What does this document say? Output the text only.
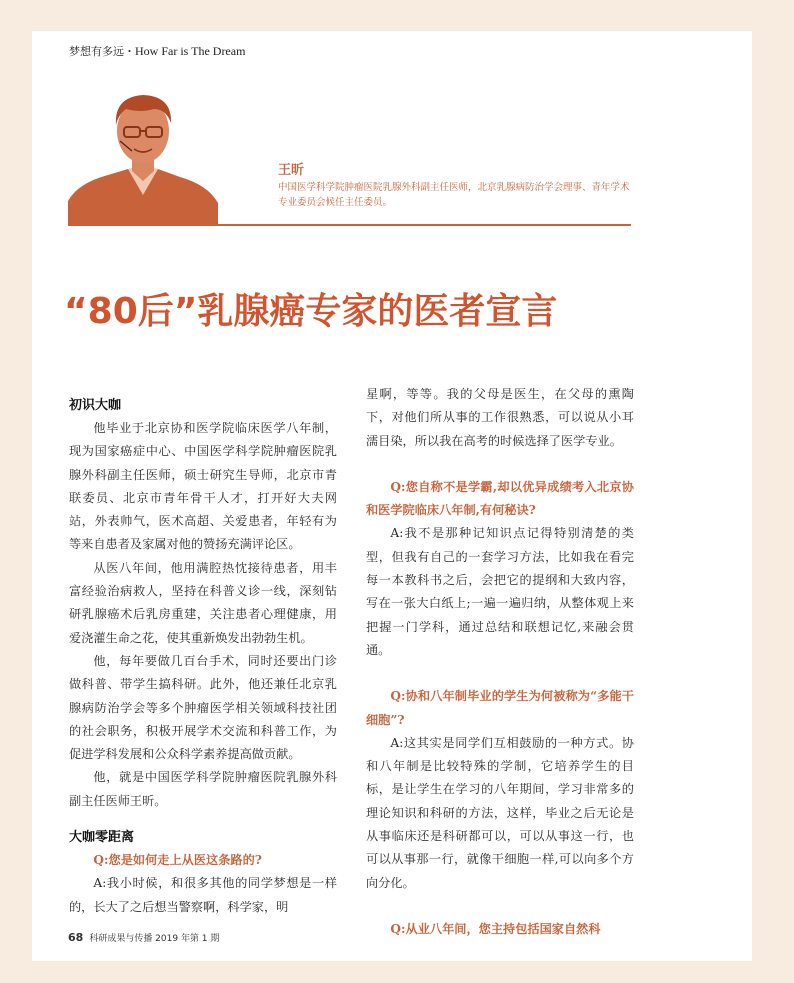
梦想有多远・How Far is The Dream
王昕
中国医学科学院肿瘤医院乳腺外科副主任医师，北京乳腺病防治学会理事、青年学术专业委员会候任主任委员。
“80后”乳腺癌专家的医者宣言
初识大咖

他毕业于北京协和医学院临床医学八年制，现为国家癌症中心、中国医学科学院肿瘤医院乳腺外科副主任医师，硕士研究生导师，北京市青联委员、北京市青年骨干人才，打开好大夫网站，外表帅气，医术高超、关爱患者，年轻有为等来自患者及家属对他的赞扬充满评论区。

从医八年间，他用满腔热忱接待患者，用丰富经验治病救人，坚持在科普义诊一线，深刻钻研乳腺癌术后乳房重建，关注患者心理健康，用爱浇灌生命之花，使其重新焕发出勃勃生机。

他，每年要做几百台手术，同时还要出门诊做科普、带学生搞科研。此外，他还兼任北京乳腺病防治学会等多个肿瘤医学相关领域科技社团的社会职务，积极开展学术交流和科普工作，为促进学科发展和公众科学素养提高做贡献。

他，就是中国医学科学院肿瘤医院乳腺外科副主任医师王昕。

大咖零距离

Q:您是如何走上从医这条路的?

A:我小时候，和很多其他的同学梦想是一样的，长大了之后想当警察啊，科学家，明

星啊，等等。我的父母是医生，在父母的熏陶下，对他们所从事的工作很熟悉，可以说从小耳濡目染，所以我在高考的时候选择了医学专业。

Q:您自称不是学霸,却以优异成绩考入北京协和医学院临床八年制,有何秘诀?

A:我不是那种记知识点记得特别清楚的类型，但我有自己的一套学习方法，比如我在看完每一本教科书之后，会把它的提纲和大致内容，写在一张大白纸上;一遍一遍归纳，从整体观上来把握一门学科，通过总结和联想记忆,来融会贯通。

Q:协和八年制毕业的学生为何被称为“多能干细胞”?

A:这其实是同学们互相鼓励的一种方式。协和八年制是比较特殊的学制，它培养学生的目标，是让学生在学习的八年期间，学习非常多的理论知识和科研的方法，这样，毕业之后无论是从事临床还是科研都可以，可以从事这一行，也可以从事那一行，就像干细胞一样,可以向多个方向分化。

Q:从业八年间，您主持包括国家自然科

68 科研成果与传播 2019 年第 1 期
